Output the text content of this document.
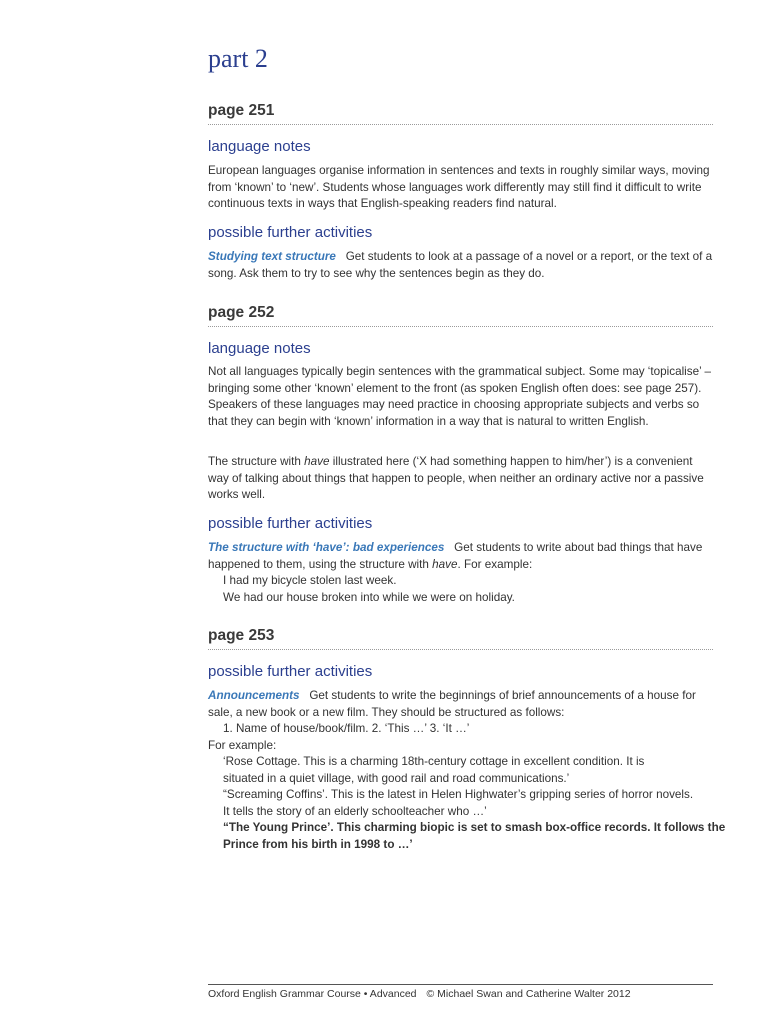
part 2
page 251
language notes

European languages organise information in sentences and texts in roughly similar ways, moving from ‘known’ to ‘new’. Students whose languages work differently may still find it difficult to write continuous texts in ways that English-speaking readers find natural.

possible further activities

Studying text structure Get students to look at a passage of a novel or a report, or the text of a song. Ask them to try to see why the sentences begin as they do.

page 252
language notes

Not all languages typically begin sentences with the grammatical subject. Some may ‘topicalise’ – bringing some other ‘known’ element to the front (as spoken English often does: see page 257). Speakers of these languages may need practice in choosing appropriate subjects and verbs so that they can begin with ‘known’ information in a way that is natural to written English.

The structure with have illustrated here (‘X had something happen to him/her’) is a convenient way of talking about things that happen to people, when neither an ordinary active nor a passive works well.

possible further activities

The structure with ‘have’: bad experiences Get students to write about bad things that have happened to them, using the structure with have. For example:
I had my bicycle stolen last week.
We had our house broken into while we were on holiday.

page 253
possible further activities

Announcements Get students to write the beginnings of brief announcements of a house for sale, a new book or a new film. They should be structured as follows:
1. Name of house/book/film. 2. ‘This …’ 3. ‘It …’
For example:
‘Rose Cottage. This is a charming 18th-century cottage in excellent condition. It is
situated in a quiet village, with good rail and road communications.’
“Screaming Coffins’. This is the latest in Helen Highwater’s gripping series of horror novels.
It tells the story of an elderly schoolteacher who …’
“The Young Prince’. This charming biopic is set to smash box-office records. It follows the
Prince from his birth in 1998 to …’

Oxford English Grammar Course • Advanced © Michael Swan and Catherine Walter 2012
